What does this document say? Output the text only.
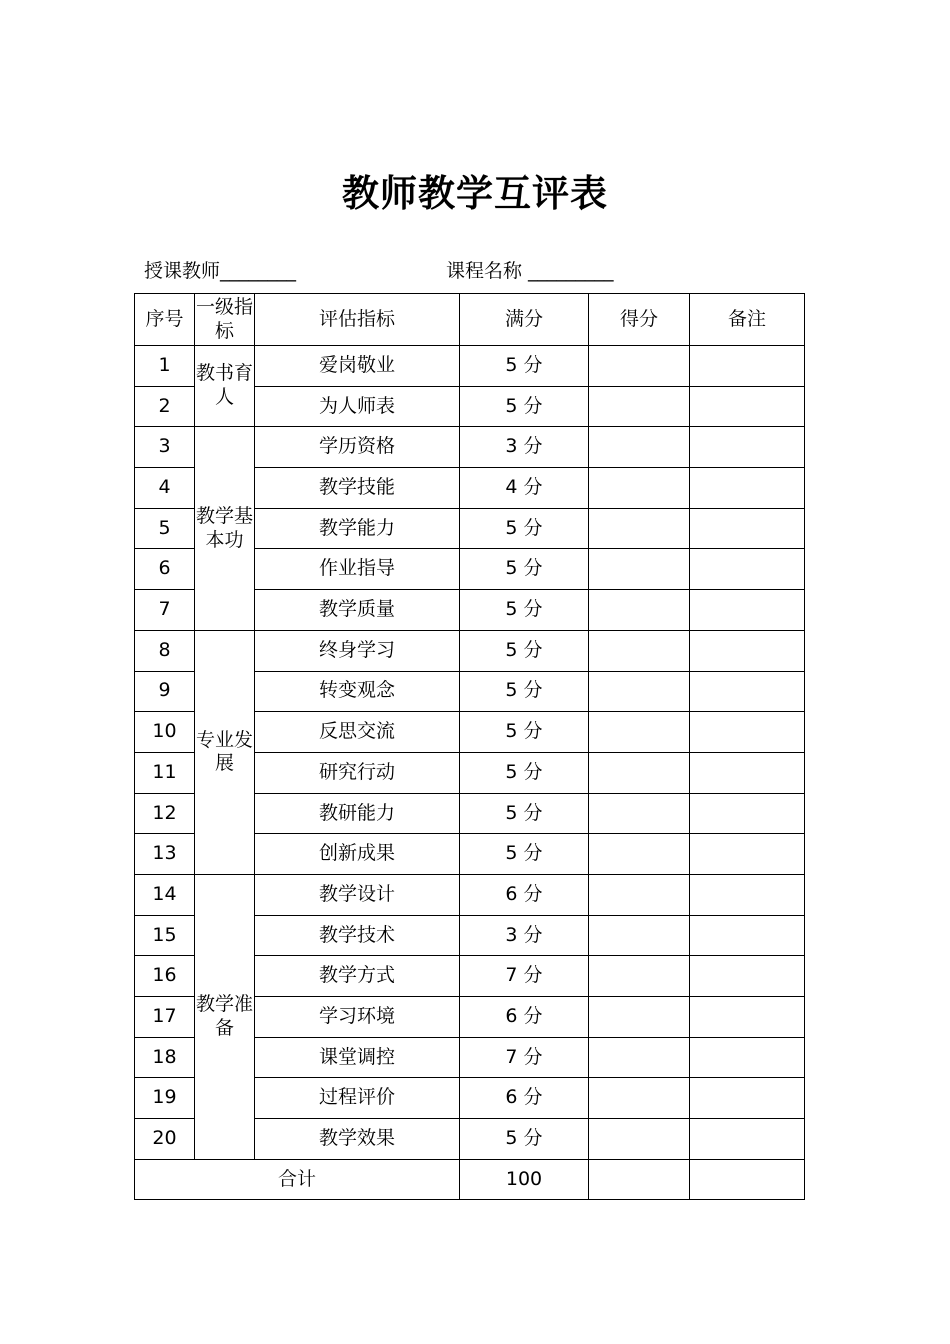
教师教学互评表
授课教师________	课程名称 _________
序号	一级指标	评估指标	满分	得分	备注
1	教书育人	爱岗敬业	5 分		
2		为人师表	5 分		
3	教学基本功	学历资格	3 分		
4		教学技能	4 分		
5		教学能力	5 分		
6		作业指导	5 分		
7		教学质量	5 分		
8	专业发展	终身学习	5 分		
9		转变观念	5 分		
10		反思交流	5 分		
11		研究行动	5 分		
12		教研能力	5 分		
13		创新成果	5 分		
14	教学准备	教学设计	6 分		
15		教学技术	3 分		
16		教学方式	7 分		
17		学习环境	6 分		
18		课堂调控	7 分		
19		过程评价	6 分		
20		教学效果	5 分		
合计			100		
